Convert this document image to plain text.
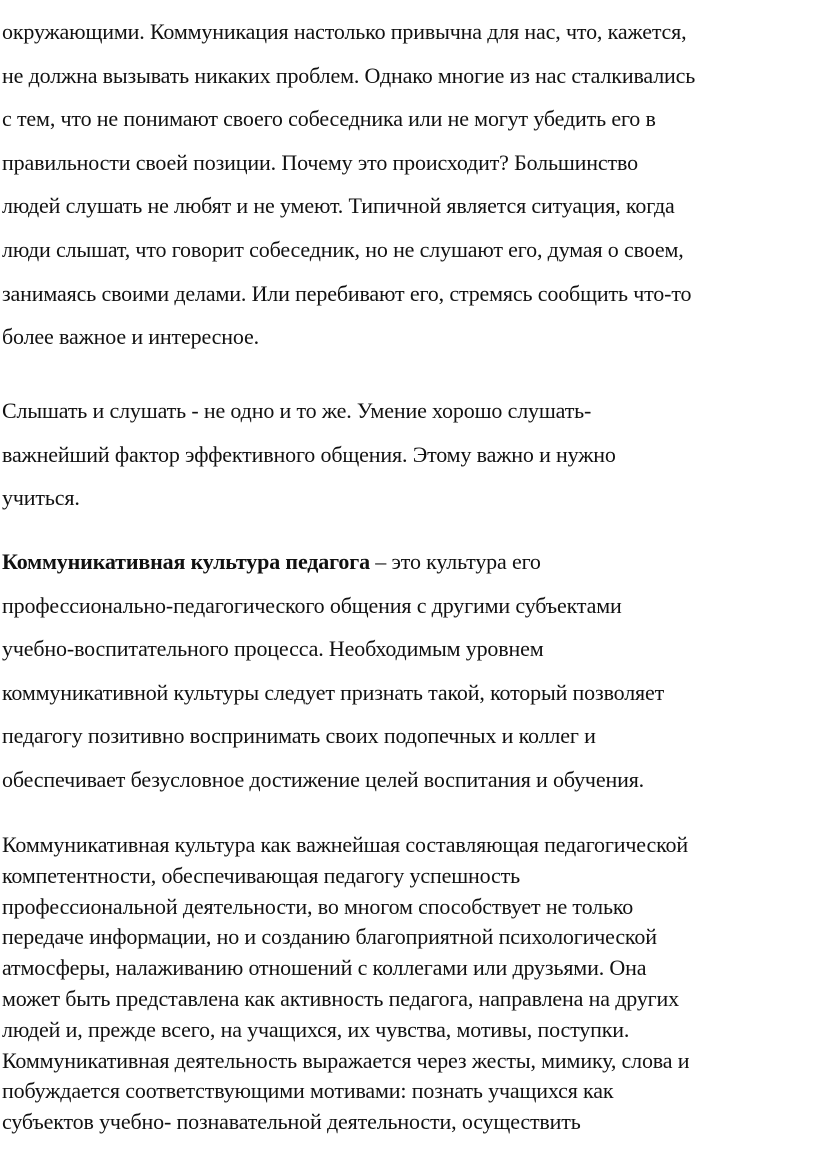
окружающими. Коммуникация настолько привычна для нас, что, кажется,
не должна вызывать никаких проблем. Однако многие из нас сталкивались
с тем, что не понимают своего собеседника или не могут убедить его в
правильности своей позиции. Почему это происходит? Большинство
людей слушать не любят и не умеют. Типичной является ситуация, когда
люди слышат, что говорит собеседник, но не слушают его, думая о своем,
занимаясь своими делами. Или перебивают его, стремясь сообщить что-то
более важное и интересное.

Слышать и слушать - не одно и то же. Умение хорошо слушать-
важнейший фактор эффективного общения. Этому важно и нужно
учиться.

Коммуникативная культура педагога – это культура его
профессионально-педагогического общения с другими субъектами
учебно-воспитательного процесса. Необходимым уровнем
коммуникативной культуры следует признать такой, который позволяет
педагогу позитивно воспринимать своих подопечных и коллег и
обеспечивает безусловное достижение целей воспитания и обучения.

Коммуникативная культура как важнейшая составляющая педагогической
компетентности, обеспечивающая педагогу успешность
профессиональной деятельности, во многом способствует не только
передаче информации, но и созданию благоприятной психологической
атмосферы, налаживанию отношений с коллегами или друзьями. Она
может быть представлена как активность педагога, направлена на других
людей и, прежде всего, на учащихся, их чувства, мотивы, поступки.
Коммуникативная деятельность выражается через жесты, мимику, слова и
побуждается соответствующими мотивами: познать учащихся как
субъектов учебно- познавательной деятельности, осуществить
